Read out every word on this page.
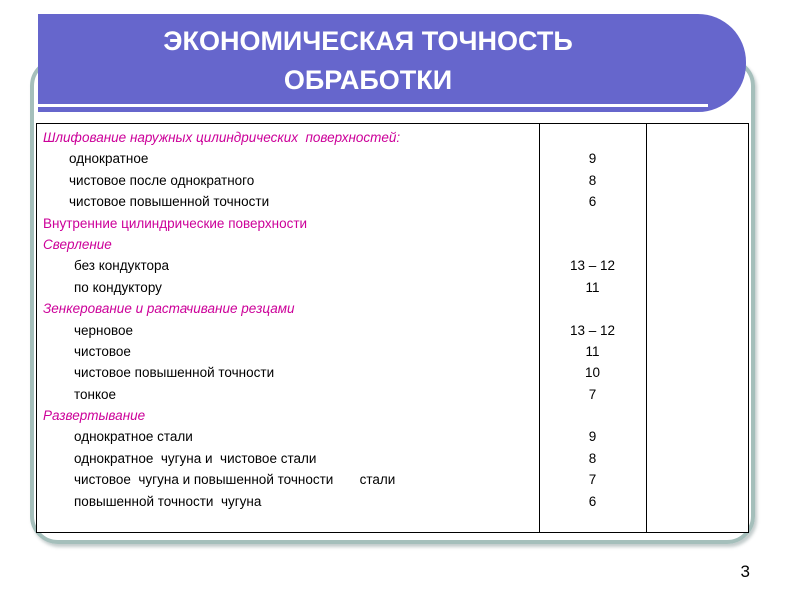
ЭКОНОМИЧЕСКАЯ ТОЧНОСТЬ
ОБРАБОТКИ
Шлифование наружных цилиндрических  поверхностей:
однократное	9
чистовое после однократного	8
чистовое повышенной точности	6
Внутренние цилиндрические поверхности
Сверление
без кондуктора	13 – 12
по кондуктору	11
Зенкерование и растачивание резцами
черновое	13 – 12
чистовое	11
чистовое повышенной точности	10
тонкое	7
Развертывание
однократное стали	9
однократное  чугуна и  чистовое стали	8
чистовое  чугуна и повышенной точности       стали	7
повышенной точности  чугуна	6
3
